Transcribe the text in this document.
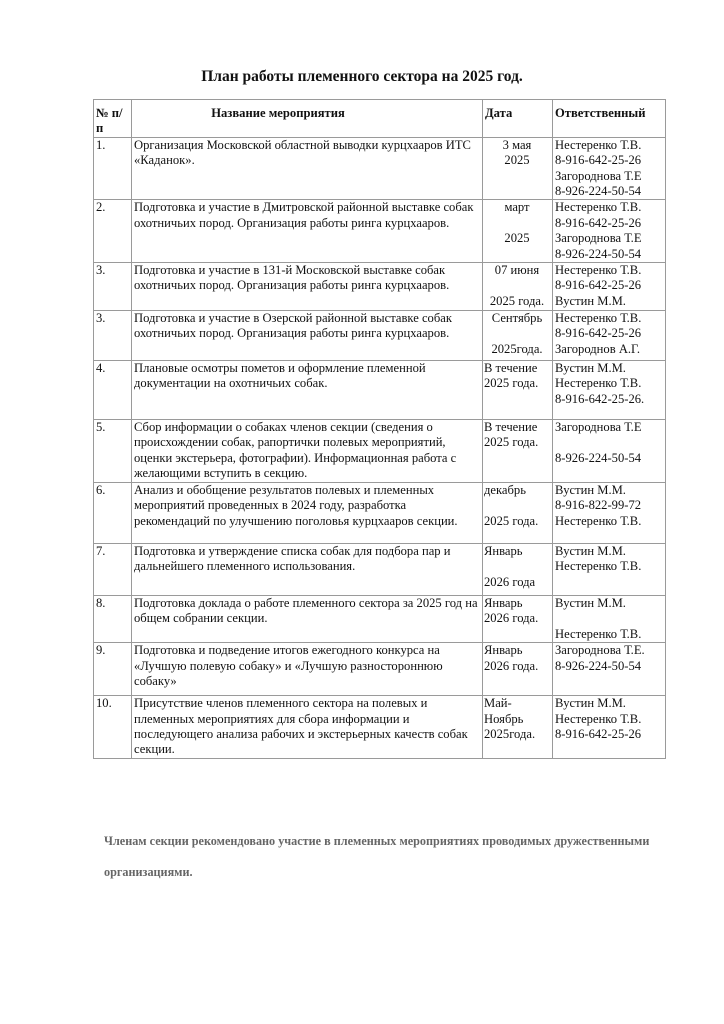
План работы племенного сектора на 2025 год.
№ п/п	Название мероприятия	Дата	Ответственный
1.	Организация Московской областной выводки курцхааров ИТС «Каданок».	3 мая
2025	Нестеренко Т.В.
8-916-642-25-26
Загороднова Т.Е
8-926-224-50-54

2.	Подготовка и участие в Дмитровской районной выставке собак охотничьих пород. Организация работы ринга курцхааров.	март

2025	Нестеренко Т.В.
8-916-642-25-26
Загороднова Т.Е
8-926-224-50-54

3.	Подготовка и участие в 131-й Московской выставке собак охотничьих пород. Организация работы ринга курцхааров.	07 июня

2025 года.	Нестеренко Т.В.
8-916-642-25-26
Вустин М.М.

3.	Подготовка и участие в Озерской районной выставке собак охотничьих пород. Организация работы ринга курцхааров.	Сентябрь

2025года.	Нестеренко Т.В.
8-916-642-25-26
Загороднов А.Г.

4.	Плановые осмотры пометов и оформление племенной документации на охотничьих собак.	В течение
2025 года.	Вустин М.М.
Нестеренко Т.В.
8-916-642-25-26.

5.	Сбор информации о собаках членов секции (сведения о происхождении собак, рапортички полевых мероприятий, оценки экстерьера, фотографии). Информационная работа с желающими вступить в секцию.	В течение
2025 года.	Загороднова Т.Е
8-926-224-50-54

6.	Анализ и обобщение результатов полевых и племенных мероприятий проведенных в 2024 году, разработка рекомендаций по улучшению поголовья курцхааров секции.	декабрь

2025 года.	Вустин М.М.
8-916-822-99-72
Нестеренко Т.В.

7.	Подготовка и утверждение списка собак для подбора пар и дальнейшего племенного использования.	Январь

2026 года	Вустин М.М.
Нестеренко Т.В.

8.	Подготовка доклада о работе племенного сектора за 2025 год на общем собрании секции.	Январь
2026 года.	Вустин М.М.
Нестеренко Т.В.

9.	Подготовка и подведение итогов ежегодного конкурса на «Лучшую полевую собаку» и «Лучшую разностороннюю собаку»	Январь
2026 года.	Загороднова Т.Е.
8-926-224-50-54

10.	Присутствие членов племенного сектора на полевых и племенных мероприятиях для сбора информации и последующего анализа рабочих и экстерьерных качеств собак секции.	Май-
Ноябрь
2025года.	Вустин М.М.
Нестеренко Т.В.
8-916-642-25-26
Членам секции рекомендовано участие в племенных мероприятиях проводимых дружественными организациями.
